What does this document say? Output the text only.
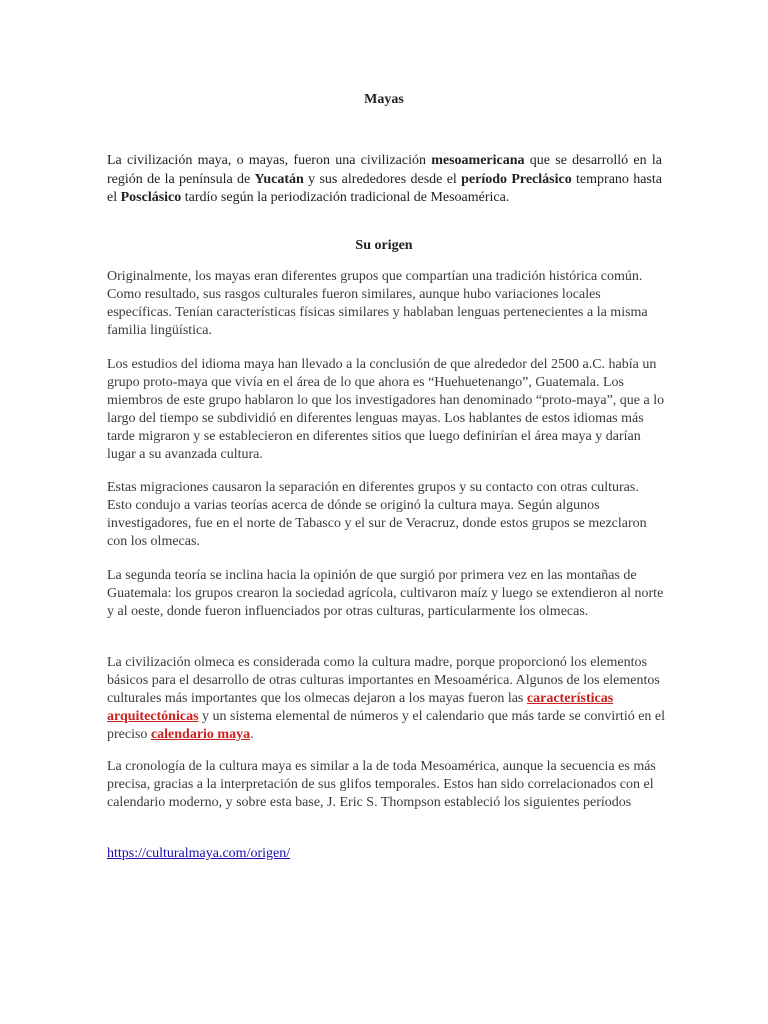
Mayas

La civilización maya, o mayas, fueron una civilización mesoamericana que se desarrolló en la región de la península de Yucatán y sus alrededores desde el período Preclásico temprano hasta el Posclásico tardío según la periodización tradicional de Mesoamérica.

Su origen

Originalmente, los mayas eran diferentes grupos que compartían una tradición histórica común. Como resultado, sus rasgos culturales fueron similares, aunque hubo variaciones locales específicas. Tenían características físicas similares y hablaban lenguas pertenecientes a la misma familia lingüística.

Los estudios del idioma maya han llevado a la conclusión de que alrededor del 2500 a.C. había un grupo proto-maya que vivía en el área de lo que ahora es “Huehuetenango”, Guatemala. Los miembros de este grupo hablaron lo que los investigadores han denominado “proto-maya”, que a lo largo del tiempo se subdividió en diferentes lenguas mayas. Los hablantes de estos idiomas más tarde migraron y se establecieron en diferentes sitios que luego definirían el área maya y darían lugar a su avanzada cultura.

Estas migraciones causaron la separación en diferentes grupos y su contacto con otras culturas. Esto condujo a varias teorías acerca de dónde se originó la cultura maya. Según algunos investigadores, fue en el norte de Tabasco y el sur de Veracruz, donde estos grupos se mezclaron con los olmecas.

La segunda teoría se inclina hacia la opinión de que surgió por primera vez en las montañas de Guatemala: los grupos crearon la sociedad agrícola, cultivaron maíz y luego se extendieron al norte y al oeste, donde fueron influenciados por otras culturas, particularmente los olmecas.

La civilización olmeca es considerada como la cultura madre, porque proporcionó los elementos básicos para el desarrollo de otras culturas importantes en Mesoamérica. Algunos de los elementos culturales más importantes que los olmecas dejaron a los mayas fueron las características arquitectónicas y un sistema elemental de números y el calendario que más tarde se convirtió en el preciso calendario maya.

La cronología de la cultura maya es similar a la de toda Mesoamérica, aunque la secuencia es más precisa, gracias a la interpretación de sus glifos temporales. Estos han sido correlacionados con el calendario moderno, y sobre esta base, J. Eric S. Thompson estableció los siguientes períodos

https://culturalmaya.com/origen/
